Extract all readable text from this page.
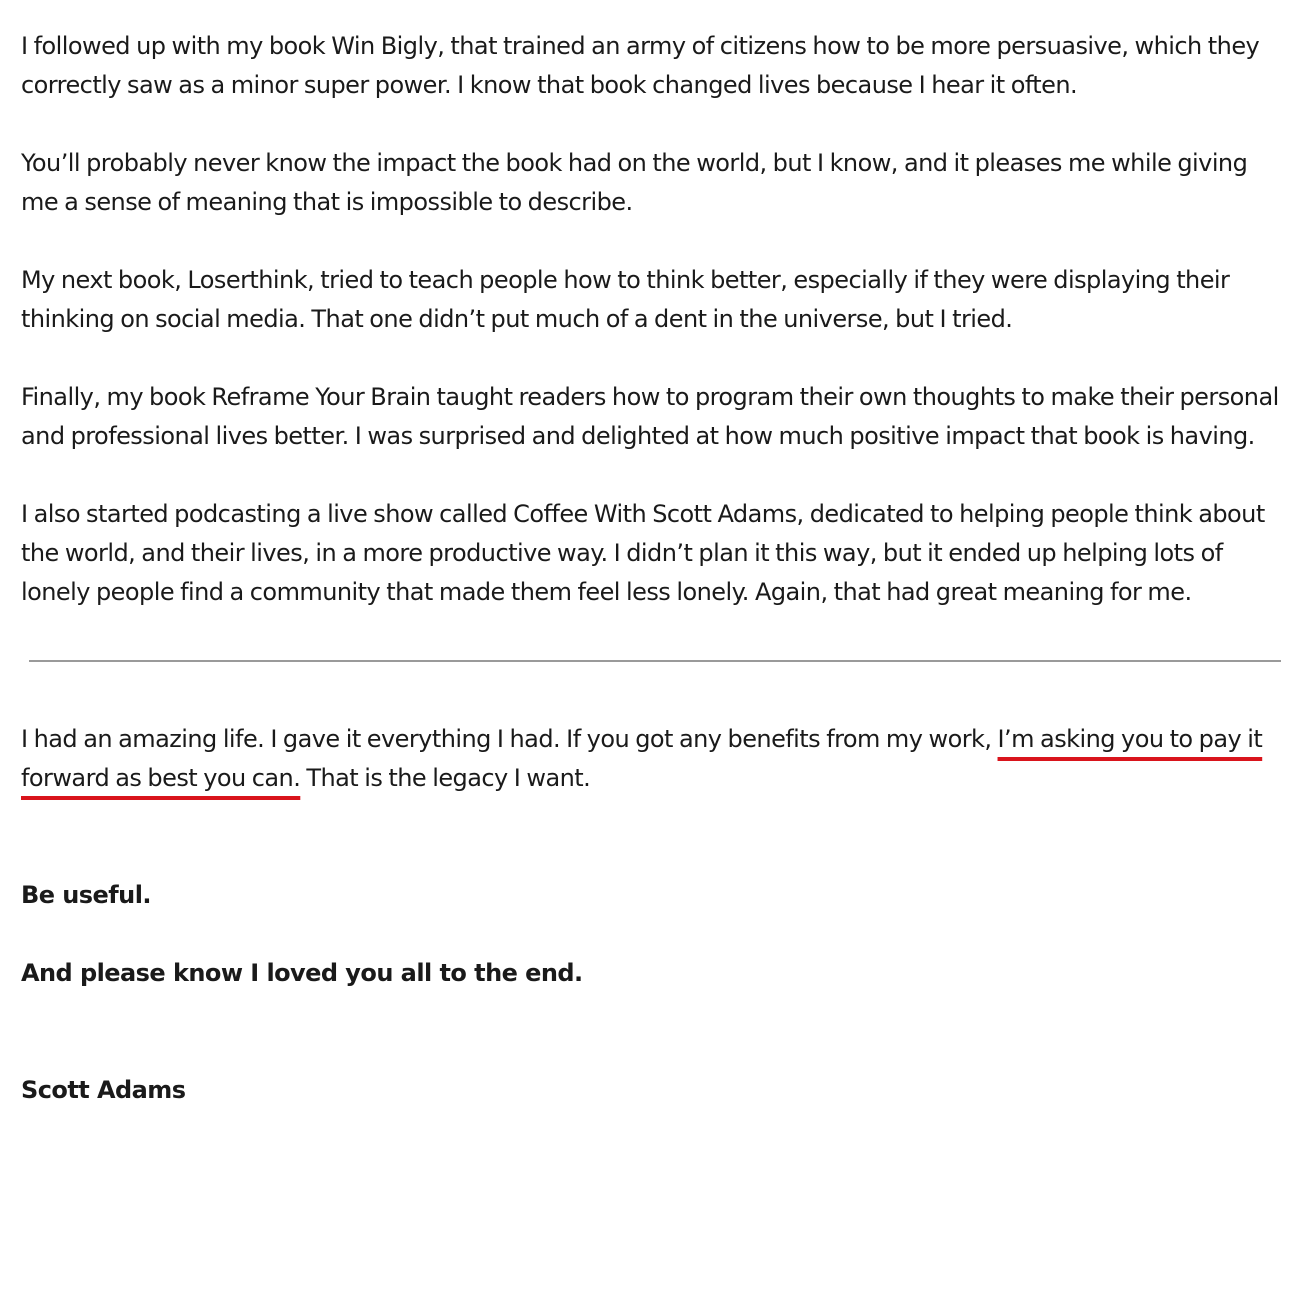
I followed up with my book Win Bigly, that trained an army of citizens how to be more persuasive, which they correctly saw as a minor super power. I know that book changed lives because I hear it often.

You’ll probably never know the impact the book had on the world, but I know, and it pleases me while giving me a sense of meaning that is impossible to describe.

My next book, Loserthink, tried to teach people how to think better, especially if they were displaying their thinking on social media. That one didn’t put much of a dent in the universe, but I tried.

Finally, my book Reframe Your Brain taught readers how to program their own thoughts to make their personal and professional lives better. I was surprised and delighted at how much positive impact that book is having.

I also started podcasting a live show called Coffee With Scott Adams, dedicated to helping people think about the world, and their lives, in a more productive way. I didn’t plan it this way, but it ended up helping lots of lonely people find a community that made them feel less lonely. Again, that had great meaning for me.

I had an amazing life. I gave it everything I had. If you got any benefits from my work, I’m asking you to pay it forward as best you can. That is the legacy I want.

Be useful.

And please know I loved you all to the end.

Scott Adams
